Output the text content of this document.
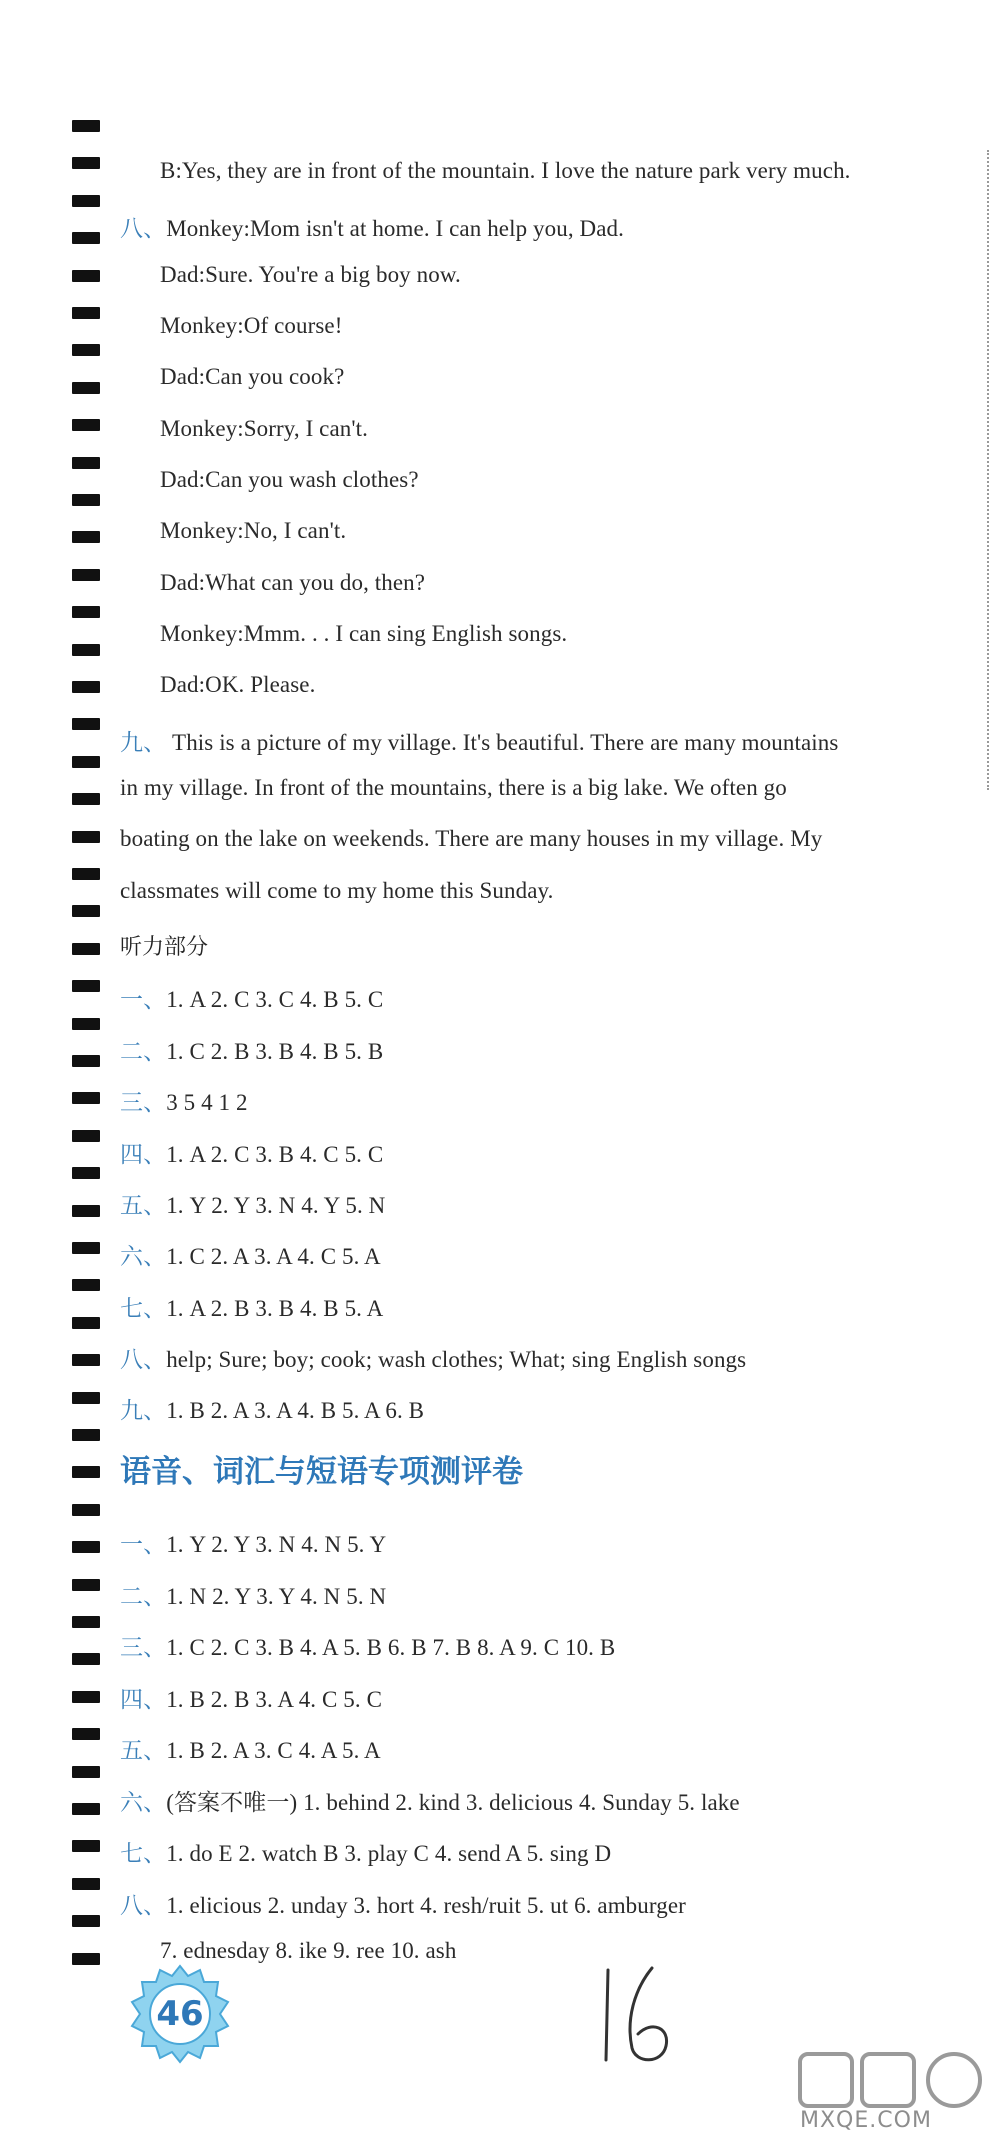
B:Yes, they are in front of the mountain. I love the nature park very much.
八、Monkey:Mom isn't at home. I can help you, Dad.
Dad:Sure. You're a big boy now.
Monkey:Of course!
Dad:Can you cook?
Monkey:Sorry, I can't.
Dad:Can you wash clothes?
Monkey:No, I can't.
Dad:What can you do, then?
Monkey:Mmm. . . I can sing English songs.
Dad:OK. Please.
九、 This is a picture of my village. It's beautiful. There are many mountains
in my village. In front of the mountains, there is a big lake. We often go
boating on the lake on weekends. There are many houses in my village. My
classmates will come to my home this Sunday.
一、1. A 2. C 3. C 4. B 5. C
二、1. C 2. B 3. B 4. B 5. B
三、3 5 4 1 2
四、1. A 2. C 3. B 4. C 5. C
五、1. Y 2. Y 3. N 4. Y 5. N
六、1. C 2. A 3. A 4. C 5. A
七、1. A 2. B 3. B 4. B 5. A
八、help; Sure; boy; cook; wash clothes; What; sing English songs
九、1. B 2. A 3. A 4. B 5. A 6. B
一、1. Y 2. Y 3. N 4. N 5. Y
二、1. N 2. Y 3. Y 4. N 5. N
三、1. C 2. C 3. B 4. A 5. B 6. B 7. B 8. A 9. C 10. B
四、1. B 2. B 3. A 4. C 5. C
五、1. B 2. A 3. C 4. A 5. A
六、(答案不唯一) 1. behind 2. kind 3. delicious 4. Sunday 5. lake
七、1. do E 2. watch B 3. play C 4. send A 5. sing D
八、1. elicious 2. unday 3. hort 4. resh/ruit 5. ut 6. amburger
7. ednesday 8. ike 9. ree 10. ash
听力部分
语音、词汇与短语专项测评卷
46
MXQE.COM
